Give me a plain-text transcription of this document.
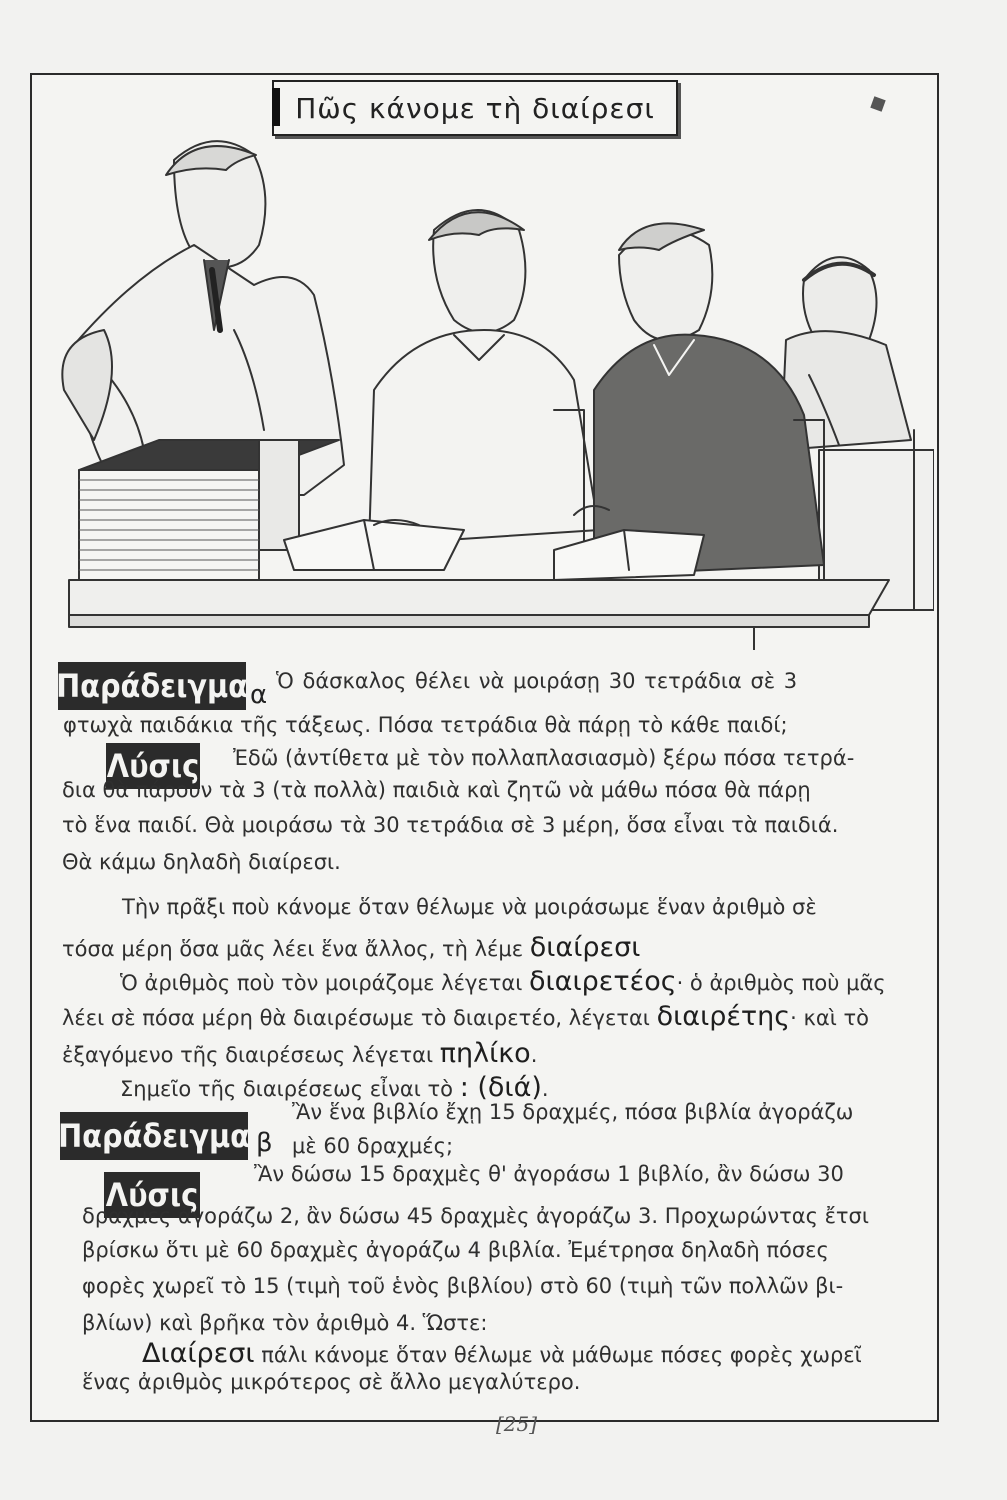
Πῶς κάνομε τὴ διαίρεσι
Παράδειγμα α Ὁ δάσκαλος θέλει νὰ μοιράσῃ 30 τετράδια σὲ 3
φτωχὰ παιδάκια τῆς τάξεως. Πόσα τετράδια θὰ πάρῃ τὸ κάθε παιδί;
Λύσις Ἐδῶ (ἀντίθετα μὲ τὸν πολλαπλασιασμὸ) ξέρω πόσα τετρά-
δια θὰ πάρουν τὰ 3 (τὰ πολλὰ) παιδιὰ καὶ ζητῶ νὰ μάθω πόσα θὰ πάρῃ
τὸ ἕνα παιδί. Θὰ μοιράσω τὰ 30 τετράδια σὲ 3 μέρη, ὅσα εἶναι τὰ παιδιά.
Θὰ κάμω δηλαδὴ διαίρεσι.
Τὴν πρᾶξι ποὺ κάνομε ὅταν θέλωμε νὰ μοιράσωμε ἕναν ἀριθμὸ σὲ
τόσα μέρη ὅσα μᾶς λέει ἕνα ἄλλος, τὴ λέμε διαίρεσι
Ὁ ἀριθμὸς ποὺ τὸν μοιράζομε λέγεται διαιρετέος· ὁ ἀριθμὸς ποὺ μᾶς
λέει σὲ πόσα μέρη θὰ διαιρέσωμε τὸ διαιρετέο, λέγεται διαιρέτης· καὶ τὸ
ἐξαγόμενο τῆς διαιρέσεως λέγεται πηλίκο.
Σημεῖο τῆς διαιρέσεως εἶναι τὸ : (διά).
Παράδειγμα β
Ἂν ἕνα βιβλίο ἔχῃ 15 δραχμές, πόσα βιβλία ἀγοράζω
μὲ 60 δραχμές;
Λύσις
Ἂν δώσω 15 δραχμὲς θ' ἀγοράσω 1 βιβλίο, ἂν δώσω 30
δραχμὲς ἀγοράζω 2, ἂν δώσω 45 δραχμὲς ἀγοράζω 3. Προχωρώντας ἔτσι
βρίσκω ὅτι μὲ 60 δραχμὲς ἀγοράζω 4 βιβλία. Ἐμέτρησα δηλαδὴ πόσες
φορὲς χωρεῖ τὸ 15 (τιμὴ τοῦ ἑνὸς βιβλίου) στὸ 60 (τιμὴ τῶν πολλῶν βι-
βλίων) καὶ βρῆκα τὸν ἀριθμὸ 4. Ὥστε:
Διαίρεσι πάλι κάνομε ὅταν θέλωμε νὰ μάθωμε πόσες φορὲς χωρεῖ
ἕνας ἀριθμὸς μικρότερος σὲ ἄλλο μεγαλύτερο.
[25]
